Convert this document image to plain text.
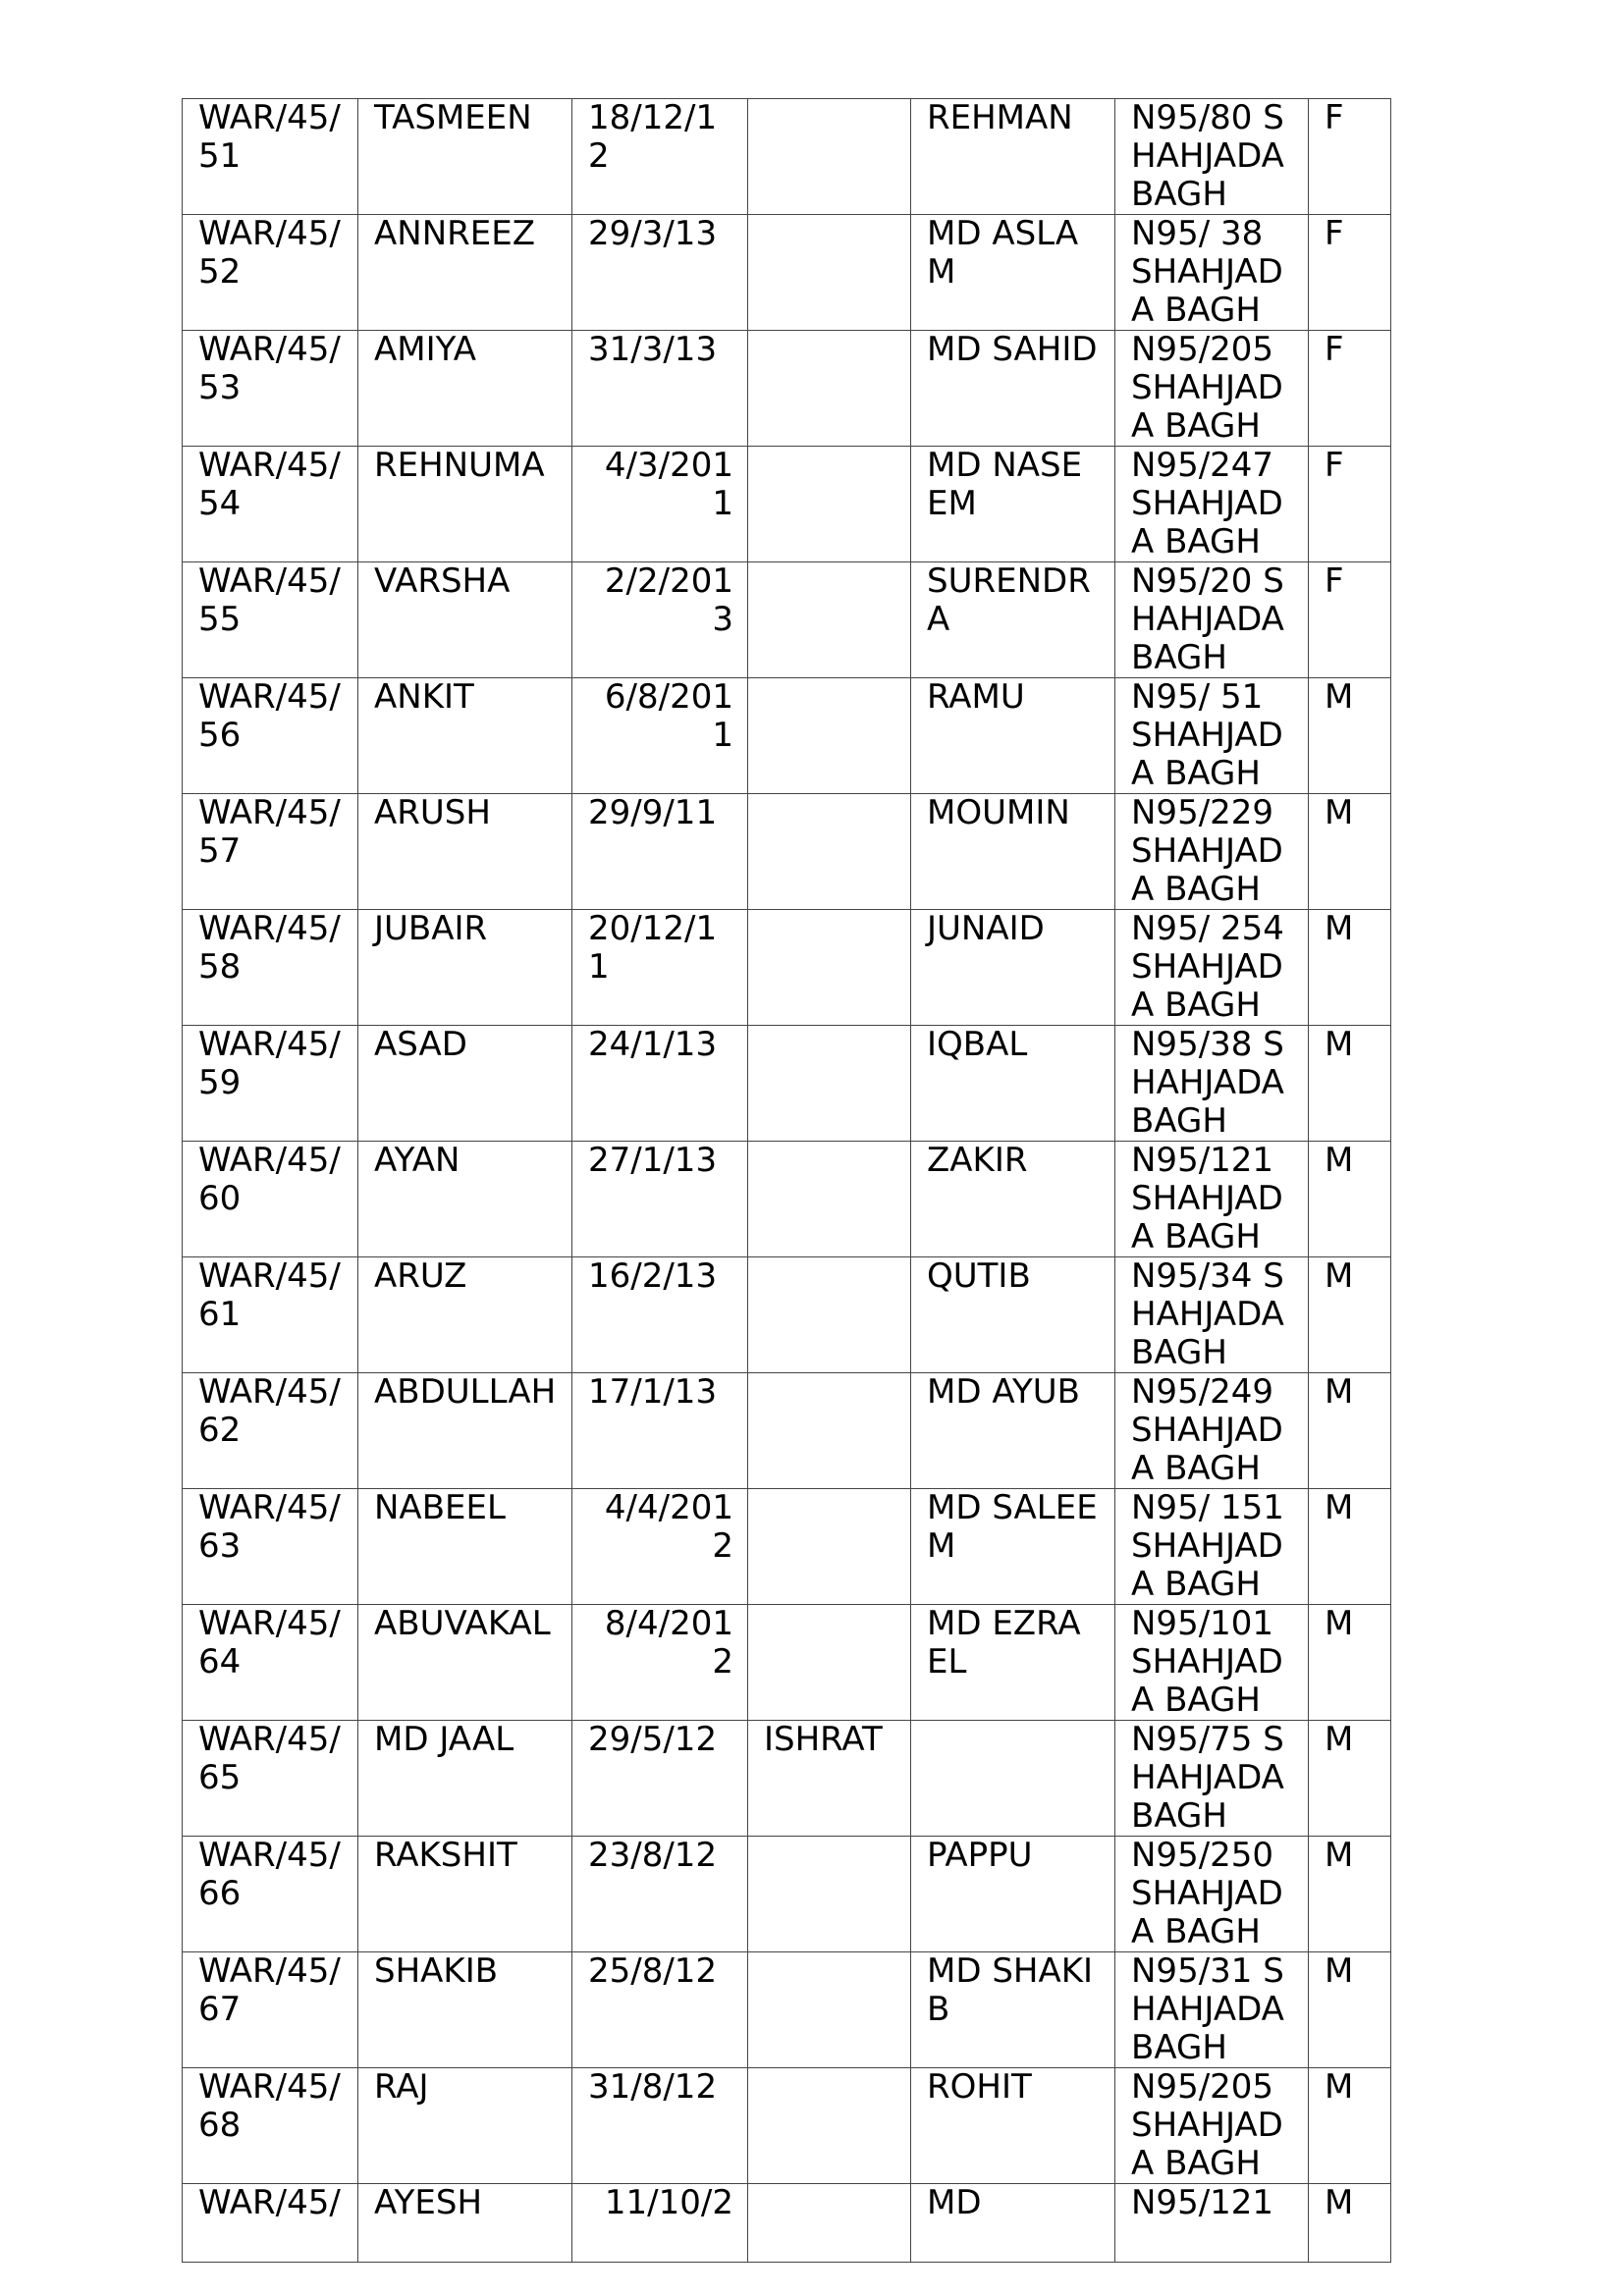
WAR/45/51	TASMEEN	18/12/12		REHMAN	N95/80 SHAHJADA BAGH	F
WAR/45/52	ANNREEZ	29/3/13		MD ASLAM	N95/ 38 SHAHJADA BAGH	F
WAR/45/53	AMIYA	31/3/13		MD SAHID	N95/205 SHAHJADA BAGH	F
WAR/45/54	REHNUMA	4/3/2011		MD NASEEM	N95/247 SHAHJADA BAGH	F
WAR/45/55	VARSHA	2/2/2013		SURENDRA	N95/20 SHAHJADA BAGH	F
WAR/45/56	ANKIT	6/8/2011		RAMU	N95/ 51 SHAHJADA BAGH	M
WAR/45/57	ARUSH	29/9/11		MOUMIN	N95/229 SHAHJADA BAGH	M
WAR/45/58	JUBAIR	20/12/11		JUNAID	N95/ 254 SHAHJADA BAGH	M
WAR/45/59	ASAD	24/1/13		IQBAL	N95/38 SHAHJADA BAGH	M
WAR/45/60	AYAN	27/1/13		ZAKIR	N95/121 SHAHJADA BAGH	M
WAR/45/61	ARUZ	16/2/13		QUTIB	N95/34 SHAHJADA BAGH	M
WAR/45/62	ABDULLAH	17/1/13		MD AYUB	N95/249 SHAHJADA BAGH	M
WAR/45/63	NABEEL	4/4/2012		MD SALEEM	N95/ 151 SHAHJADA BAGH	M
WAR/45/64	ABUVAKAL	8/4/2012		MD EZRAEL	N95/101 SHAHJADA BAGH	M
WAR/45/65	MD JAAL	29/5/12	ISHRAT		N95/75 SHAHJADA BAGH	M
WAR/45/66	RAKSHIT	23/8/12		PAPPU	N95/250 SHAHJADA BAGH	M
WAR/45/67	SHAKIB	25/8/12		MD SHAKIB	N95/31 SHAHJADA BAGH	M
WAR/45/68	RAJ	31/8/12		ROHIT	N95/205 SHAHJADA BAGH	M
WAR/45/	AYESH	11/10/2		MD	N95/121	M
